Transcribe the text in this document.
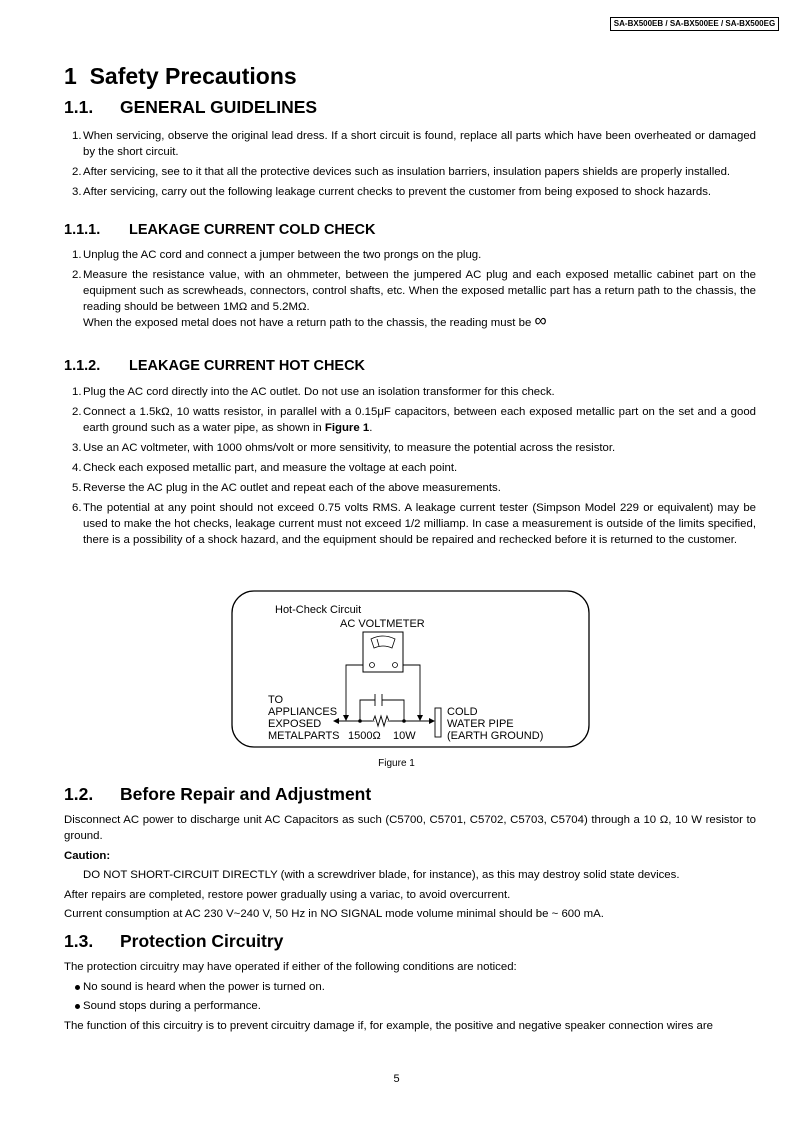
SA-BX500EB / SA-BX500EE / SA-BX500EG
1 Safety Precautions
1.1. GENERAL GUIDELINES
1. When servicing, observe the original lead dress. If a short circuit is found, replace all parts which have been overheated or damaged by the short circuit.
2. After servicing, see to it that all the protective devices such as insulation barriers, insulation papers shields are properly installed.
3. After servicing, carry out the following leakage current checks to prevent the customer from being exposed to shock hazards.
1.1.1. LEAKAGE CURRENT COLD CHECK
1. Unplug the AC cord and connect a jumper between the two prongs on the plug.
2. Measure the resistance value, with an ohmmeter, between the jumpered AC plug and each exposed metallic cabinet part on the equipment such as screwheads, connectors, control shafts, etc. When the exposed metallic part has a return path to the chassis, the reading should be between 1MΩ and 5.2MΩ.
When the exposed metal does not have a return path to the chassis, the reading must be ∞
1.1.2. LEAKAGE CURRENT HOT CHECK
1. Plug the AC cord directly into the AC outlet. Do not use an isolation transformer for this check.
2. Connect a 1.5kΩ, 10 watts resistor, in parallel with a 0.15μF capacitors, between each exposed metallic part on the set and a good earth ground such as a water pipe, as shown in Figure 1.
3. Use an AC voltmeter, with 1000 ohms/volt or more sensitivity, to measure the potential across the resistor.
4. Check each exposed metallic part, and measure the voltage at each point.
5. Reverse the AC plug in the AC outlet and repeat each of the above measurements.
6. The potential at any point should not exceed 0.75 volts RMS. A leakage current tester (Simpson Model 229 or equivalent) may be used to make the hot checks, leakage current must not exceed 1/2 milliamp. In case a measurement is outside of the limits specified, there is a possibility of a shock hazard, and the equipment should be repaired and rechecked before it is returned to the customer.
Hot-Check Circuit
AC VOLTMETER
TO
APPLIANCES
EXPOSED
METALPARTS 1500Ω 10W
COLD
WATER PIPE
(EARTH GROUND)
Figure 1
1.2. Before Repair and Adjustment
Disconnect AC power to discharge unit AC Capacitors as such (C5700, C5701, C5702, C5703, C5704) through a 10 Ω, 10 W resistor to ground.
Caution:
DO NOT SHORT-CIRCUIT DIRECTLY (with a screwdriver blade, for instance), as this may destroy solid state devices.
After repairs are completed, restore power gradually using a variac, to avoid overcurrent.
Current consumption at AC 230 V~240 V, 50 Hz in NO SIGNAL mode volume minimal should be ~ 600 mA.
1.3. Protection Circuitry
The protection circuitry may have operated if either of the following conditions are noticed:
No sound is heard when the power is turned on.
Sound stops during a performance.
The function of this circuitry is to prevent circuitry damage if, for example, the positive and negative speaker connection wires are
5
